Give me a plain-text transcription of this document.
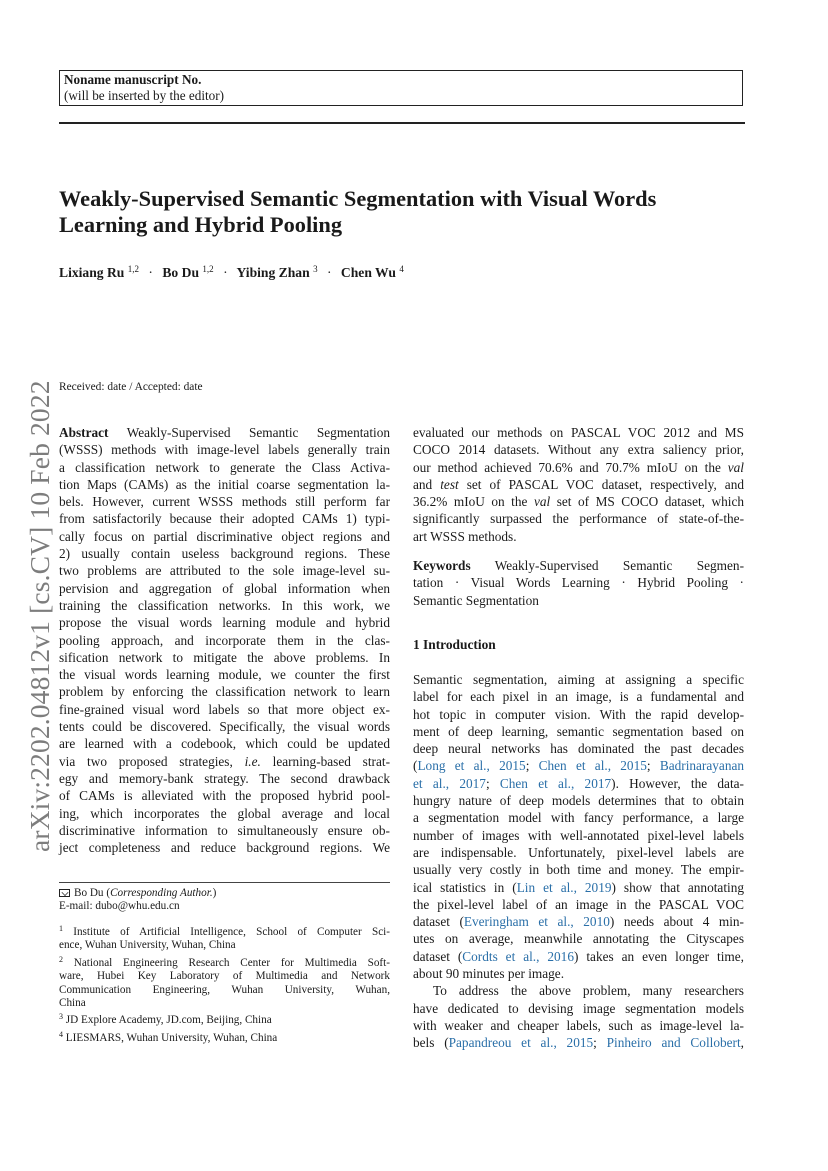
Noname manuscript No.
(will be inserted by the editor)
Weakly-Supervised Semantic Segmentation with Visual Words
Learning and Hybrid Pooling
Lixiang Ru $^{1,2}$ · Bo Du $^{1,2}$ · Yibing Zhan $^3$ · Chen Wu $^4$
arXiv:2202.04812v1 [cs.CV] 10 Feb 2022 Received: date / Accepted: date
Abstract Weakly-Supervised Semantic Segmentation
(WSSS) methods with image-level labels generally train
a classification network to generate the Class Activa-
tion Maps (CAMs) as the initial coarse segmentation la-
bels. However, current WSSS methods still perform far
from satisfactorily because their adopted CAMs 1) typi-
cally focus on partial discriminative object regions and
2) usually contain useless background regions. These
two problems are attributed to the sole image-level su-
pervision and aggregation of global information when
training the classification networks. In this work, we
propose the visual words learning module and hybrid
pooling approach, and incorporate them in the clas-
sification network to mitigate the above problems. In
the visual words learning module, we counter the first
problem by enforcing the classification network to learn
fine-grained visual word labels so that more object ex-
tents could be discovered. Specifically, the visual words
are learned with a codebook, which could be updated
via two proposed strategies, i.e. learning-based strat-
egy and memory-bank strategy. The second drawback
of CAMs is alleviated with the proposed hybrid pool-
ing, which incorporates the global average and local
discriminative information to simultaneously ensure ob-
ject completeness and reduce background regions. We
evaluated our methods on PASCAL VOC 2012 and MS
COCO 2014 datasets. Without any extra saliency prior,
our method achieved 70.6% and 70.7% mIoU on the val
and test set of PASCAL VOC dataset, respectively, and
36.2% mIoU on the val set of MS COCO dataset, which
significantly surpassed the performance of state-of-the-
art WSSS methods.
Keywords Weakly-Supervised Semantic Segmen-
tation · Visual Words Learning · Hybrid Pooling ·
Semantic Segmentation
1 Introduction
Semantic segmentation, aiming at assigning a specific
label for each pixel in an image, is a fundamental and
hot topic in computer vision. With the rapid develop-
ment of deep learning, semantic segmentation based on
deep neural networks has dominated the past decades
(Long et al., 2015; Chen et al., 2015; Badrinarayanan
et al., 2017; Chen et al., 2017). However, the data-
hungry nature of deep models determines that to obtain
a segmentation model with fancy performance, a large
number of images with well-annotated pixel-level labels
are indispensable. Unfortunately, pixel-level labels are
usually very costly in both time and money. The empir-
ical statistics in (Lin et al., 2019) show that annotating
the pixel-level label of an image in the PASCAL VOC
dataset (Everingham et al., 2010) needs about 4 min-
utes on average, meanwhile annotating the Cityscapes
dataset (Cordts et al., 2016) takes an even longer time,
about 90 minutes per image.
To address the above problem, many researchers
have dedicated to devising image segmentation models
with weaker and cheaper labels, such as image-level la-
bels (Papandreou et al., 2015; Pinheiro and Collobert,
Bo Du (Corresponding Author.)
E-mail: dubo@whu.edu.cn
$^1$ Institute of Artificial Intelligence, School of Computer Sci-
ence, Wuhan University, Wuhan, China
$^2$ National Engineering Research Center for Multimedia Soft-
ware, Hubei Key Laboratory of Multimedia and Network
Communication Engineering, Wuhan University, Wuhan,
China
$^3$ JD Explore Academy, JD.com, Beijing, China
$^4$ LIESMARS, Wuhan University, Wuhan, China
